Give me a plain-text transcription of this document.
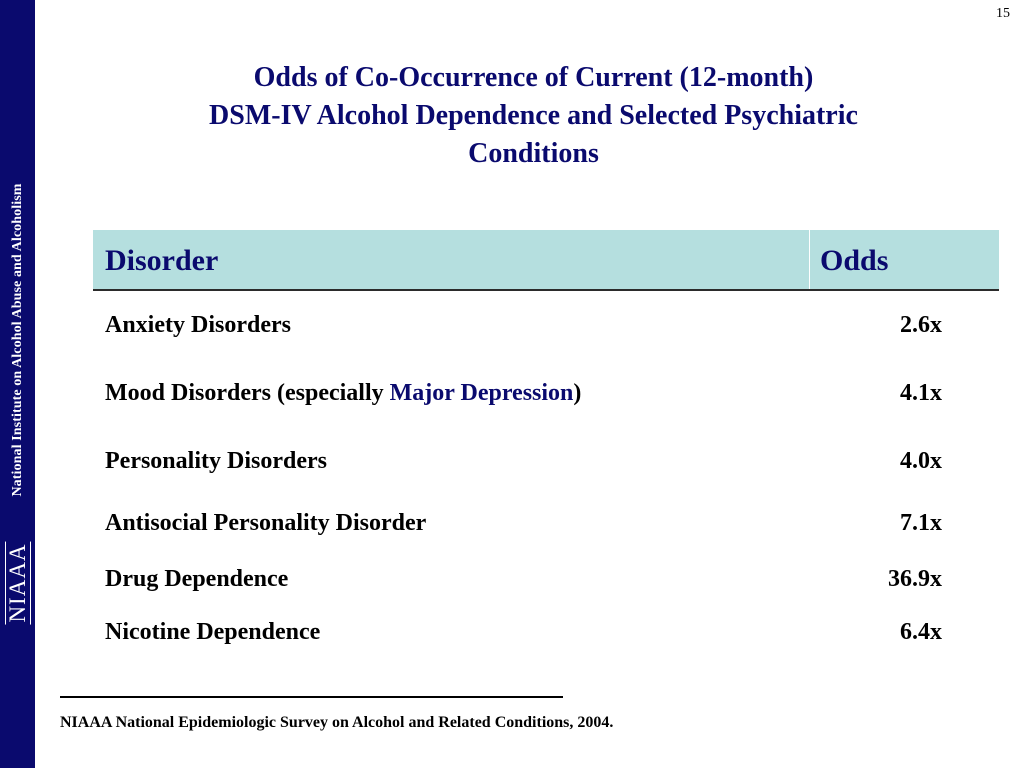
National Institute on Alcohol Abuse and Alcoholism
NIAAA
15
Odds of Co-Occurrence of Current (12-month)
DSM-IV Alcohol Dependence and Selected Psychiatric
Conditions
Disorder	Odds
Anxiety Disorders	2.6x
Mood Disorders (especially Major Depression)	4.1x
Personality Disorders	4.0x
Antisocial Personality Disorder	7.1x
Drug Dependence	36.9x
Nicotine Dependence	6.4x
NIAAA National Epidemiologic Survey on Alcohol and Related Conditions, 2004.
